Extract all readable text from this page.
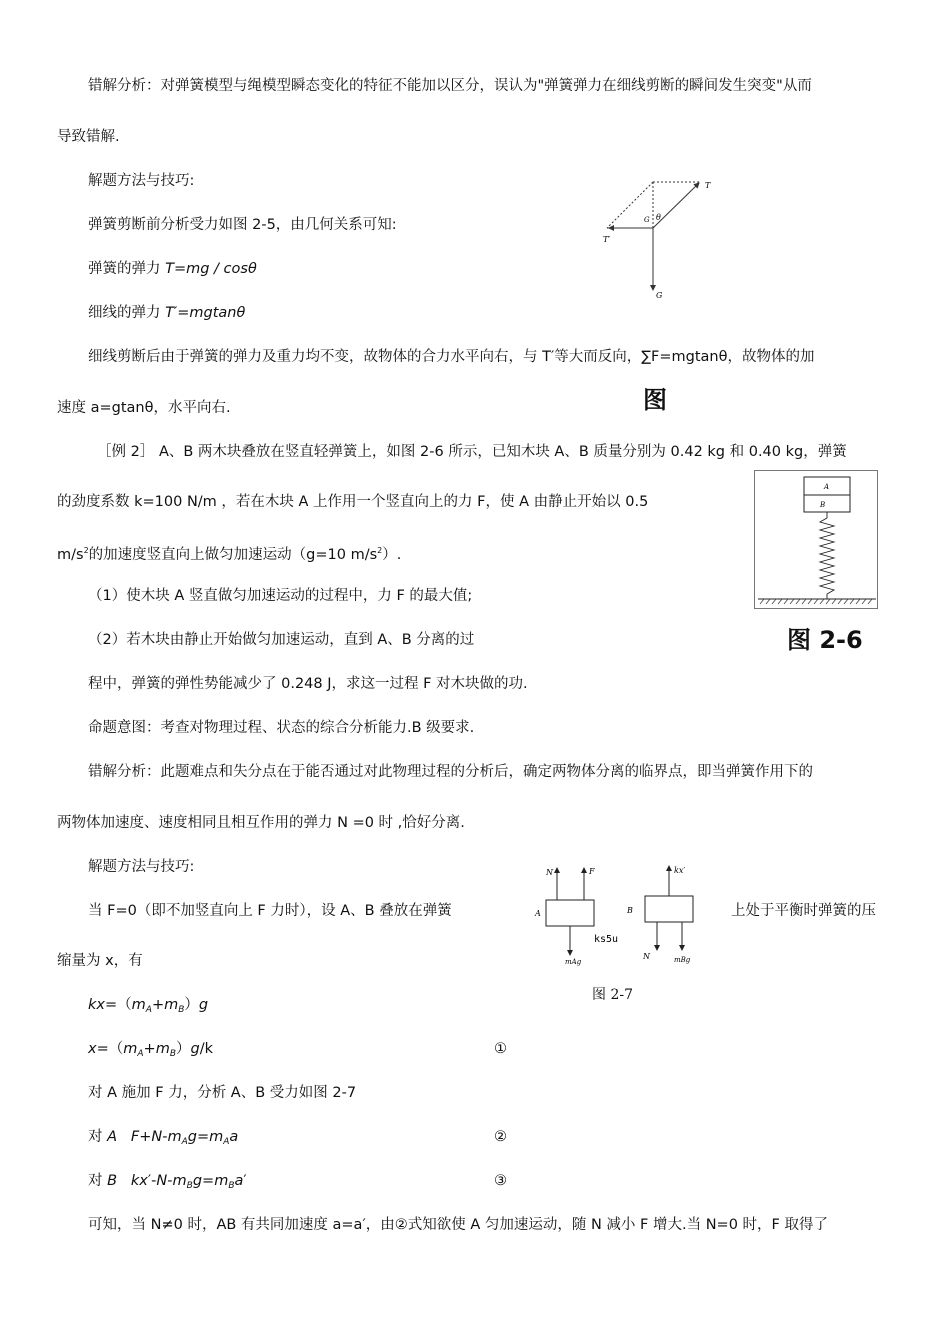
错解分析：对弹簧模型与绳模型瞬态变化的特征不能加以区分，误认为"弹簧弹力在细线剪断的瞬间发生突变"从而
导致错解.
解题方法与技巧:
弹簧剪断前分析受力如图 2-5，由几何关系可知:
弹簧的弹力 T=mg / cosθ
细线的弹力 T′=mgtanθ
细线剪断后由于弹簧的弹力及重力均不变，故物体的合力水平向右，与 T′等大而反向，∑F=mgtanθ，故物体的加
速度 a=gtanθ，水平向右.
T
T′
G θ
G
图
［例 2］ A、B 两木块叠放在竖直轻弹簧上，如图 2-6 所示，已知木块 A、B 质量分别为 0.42 kg 和 0.40 kg，弹簧
的劲度系数 k=100 N/m ，若在木块 A 上作用一个竖直向上的力 F，使 A 由静止开始以 0.5
$m/s^2$的加速度竖直向上做匀加速运动（g=10 $m/s^2$）.
A
B
图 2-6
（1）使木块 A 竖直做匀加速运动的过程中，力 F 的最大值;
（2）若木块由静止开始做匀加速运动，直到 A、B 分离的过
程中，弹簧的弹性势能减少了 0.248 J，求这一过程 F 对木块做的功.
命题意图：考查对物理过程、状态的综合分析能力.B 级要求.
错解分析：此题难点和失分点在于能否通过对此物理过程的分析后，确定两物体分离的临界点，即当弹簧作用下的
两物体加速度、速度相同且相互作用的弹力 N =0 时 ,恰好分离.
解题方法与技巧:
当 F=0（即不加竖直向上 F 力时），设 A、B 叠放在弹簧	上处于平衡时弹簧的压
缩量为 x，有
N	F
A
mAg
kx′
B
N	mBg
ks5u
图 2-7
$kx=(m_A+m_B)g$
$x=(m_A+m_B)g/k$	①
对 A 施加 F 力，分析 A、B 受力如图 2-7
对 A $F+N-m_Ag=m_Aa$	②
对 B $kx'-N-m_Bg=m_Ba'$	③
可知，当 N≠0 时，AB 有共同加速度 a=a′，由②式知欲使 A 匀加速运动，随 N 减小 F 增大.当 N=0 时，F 取得了
